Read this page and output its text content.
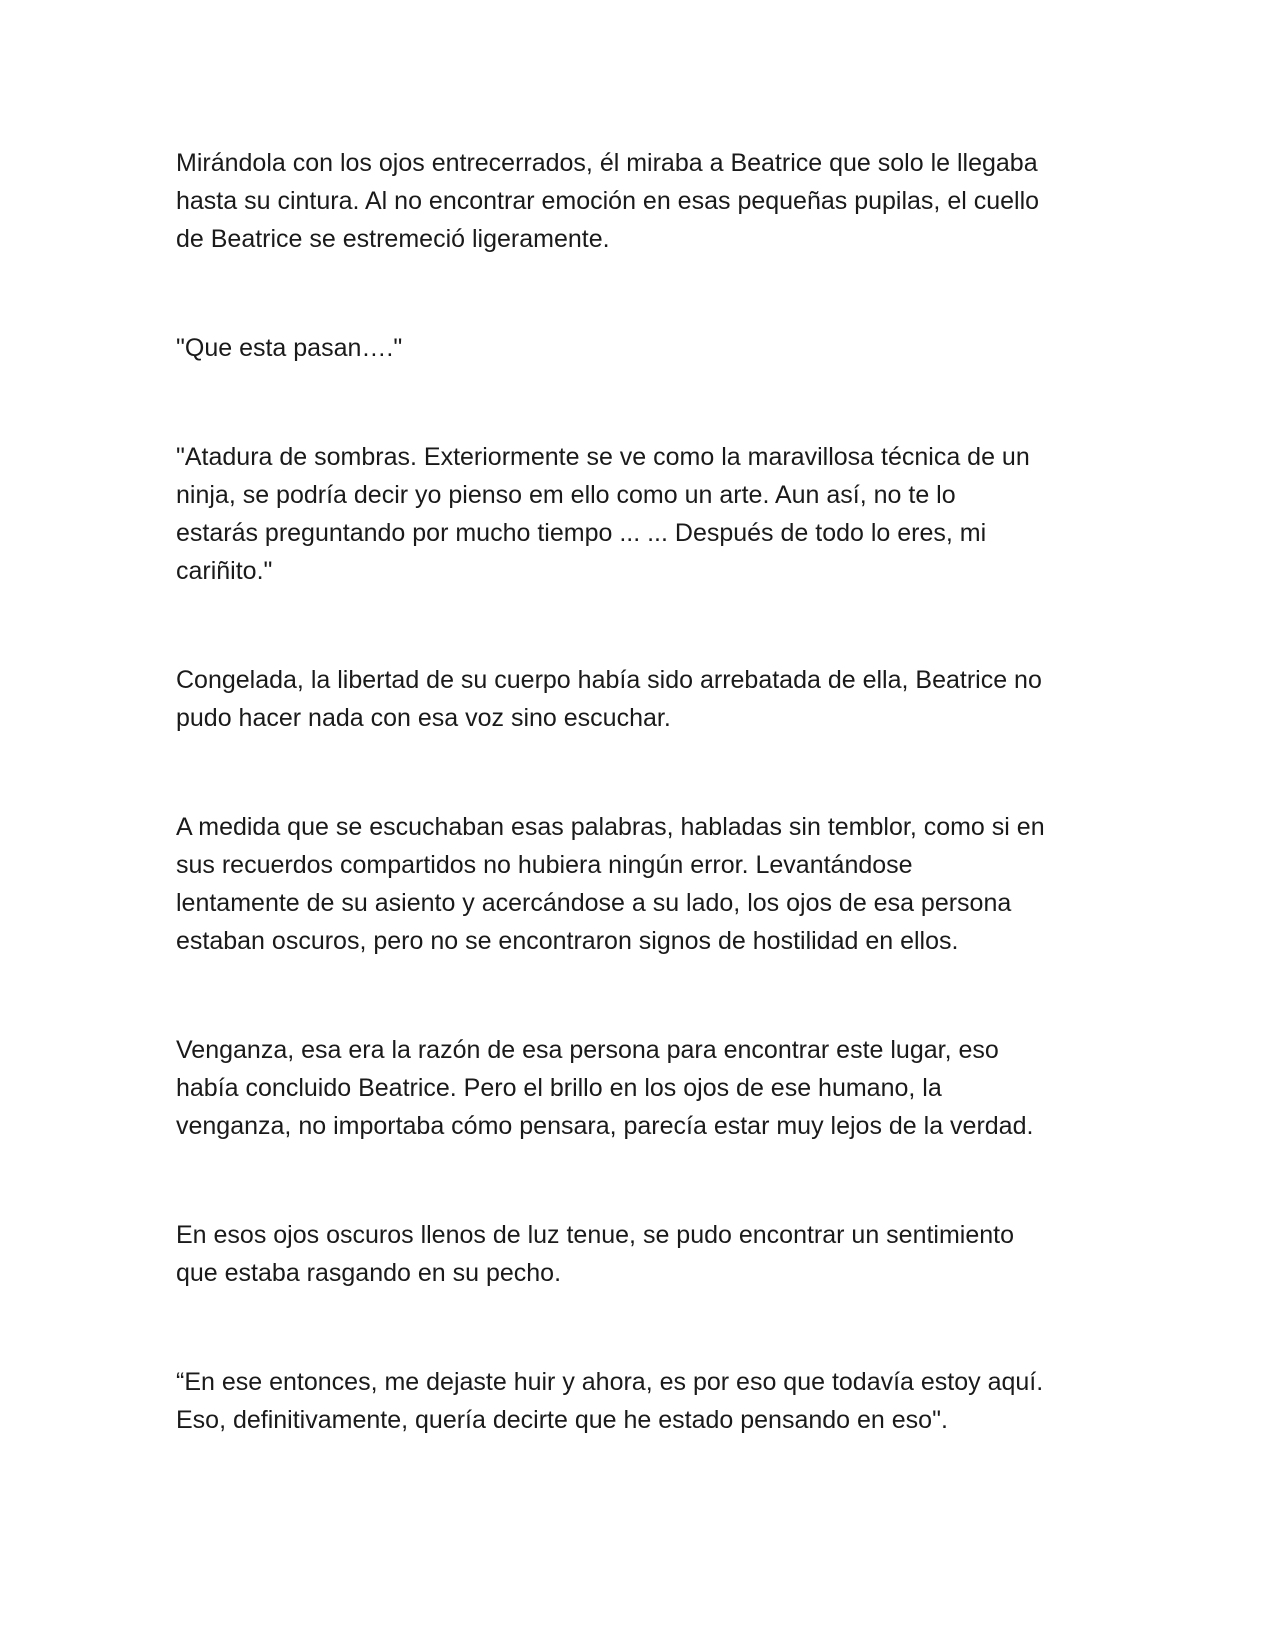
Mirándola con los ojos entrecerrados, él miraba a Beatrice que solo le llegaba
hasta su cintura. Al no encontrar emoción en esas pequeñas pupilas, el cuello
de Beatrice se estremeció ligeramente.

"Que esta pasan…."

"Atadura de sombras. Exteriormente se ve como la maravillosa técnica de un
ninja, se podría decir yo pienso em ello como un arte. Aun así, no te lo
estarás preguntando por mucho tiempo ... ... Después de todo lo eres, mi
cariñito."

Congelada, la libertad de su cuerpo había sido arrebatada de ella, Beatrice no
pudo hacer nada con esa voz sino escuchar.

A medida que se escuchaban esas palabras, habladas sin temblor, como si en
sus recuerdos compartidos no hubiera ningún error. Levantándose
lentamente de su asiento y acercándose a su lado, los ojos de esa persona
estaban oscuros, pero no se encontraron signos de hostilidad en ellos.

Venganza, esa era la razón de esa persona para encontrar este lugar, eso
había concluido Beatrice. Pero el brillo en los ojos de ese humano, la
venganza, no importaba cómo pensara, parecía estar muy lejos de la verdad.

En esos ojos oscuros llenos de luz tenue, se pudo encontrar un sentimiento
que estaba rasgando en su pecho.

“En ese entonces, me dejaste huir y ahora, es por eso que todavía estoy aquí.
Eso, definitivamente, quería decirte que he estado pensando en eso".
